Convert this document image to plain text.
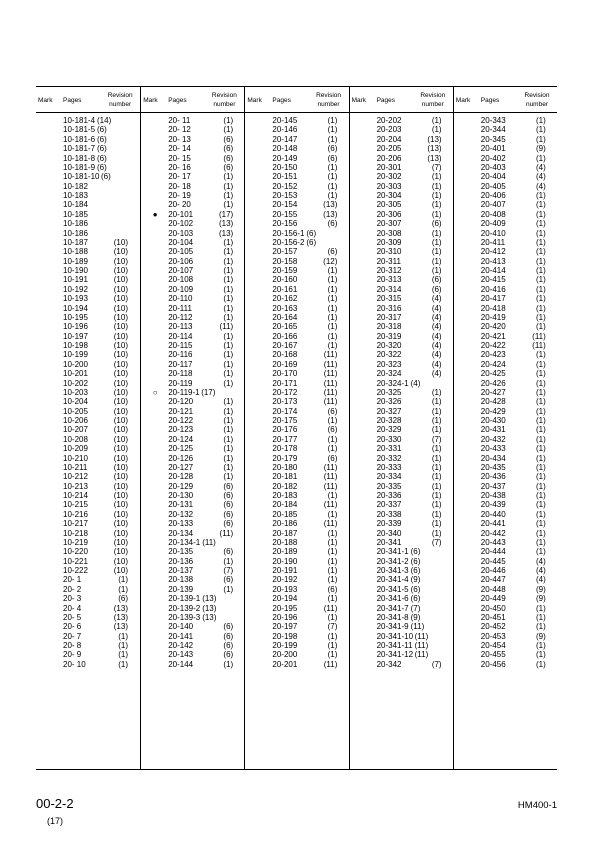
Mark Pages
Revision
number
10-181-4 (14)
10-181-5 (6)
10-181-6 (6)
10-181-7 (6)
10-181-8 (6)
10-181-9 (6)
10-181-10 (6)
10-182
10-183
10-184
10-185
10-186
10-186
10-187	(10)
10-188	(10)
10-189	(10)
10-190	(10)
10-191	(10)
10-192	(10)
10-193	(10)
10-194	(10)
10-195	(10)
10-196	(10)
10-197	(10)
10-198	(10)
10-199	(10)
10-200	(10)
10-201	(10)
10-202	(10)
10-203	(10)
10-204	(10)
10-205	(10)
10-206	(10)
10-207	(10)
10-208	(10)
10-209	(10)
10-210	(10)
10-211	(10)
10-212	(10)
10-213	(10)
10-214	(10)
10-215	(10)
10-216	(10)
10-217	(10)
10-218	(10)
10-219	(10)
10-220	(10)
10-221	(10)
10-222	(10)
20- 1	(1)
20- 2	(1)
20- 3	(6)
20- 4	(13)
20- 5	(13)
20- 6	(13)
20- 7	(1)
20- 8	(1)
20- 9	(1)
20- 10	(1)
Mark Pages
Revision
number
20- 11	(1)
20- 12	(1)
20- 13	(6)
20- 14	(6)
20- 15	(6)
20- 16	(6)
20- 17	(1)
20- 18	(1)
20- 19	(1)
20- 20	(1)
●	20-101	(17)
20-102	(13)
20-103	(13)
20-104	(1)
20-105	(1)
20-106	(1)
20-107	(1)
20-108	(1)
20-109	(1)
20-110	(1)
20-111	(1)
20-112	(1)
20-113	(11)
20-114	(1)
20-115	(1)
20-116	(1)
20-117	(1)
20-118	(1)
20-119	(1)
○	20-119-1 (17)
20-120	(1)
20-121	(1)
20-122	(1)
20-123	(1)
20-124	(1)
20-125	(1)
20-126	(1)
20-127	(1)
20-128	(1)
20-129	(6)
20-130	(6)
20-131	(6)
20-132	(6)
20-133	(6)
20-134	(11)
20-134-1 (11)
20-135	(6)
20-136	(1)
20-137	(7)
20-138	(6)
20-139	(1)
20-139-1 (13)
20-139-2 (13)
20-139-3 (13)
20-140	(6)
20-141	(6)
20-142	(6)
20-143	(6)
20-144	(1)
Mark Pages
Revision
number
20-145	(1)
20-146	(1)
20-147	(1)
20-148	(6)
20-149	(6)
20-150	(1)
20-151	(1)
20-152	(1)
20-153	(1)
20-154	(13)
20-155	(13)
20-156	(6)
20-156-1 (6)
20-156-2 (6)
20-157	(6)
20-158	(12)
20-159	(1)
20-160	(1)
20-161	(1)
20-162	(1)
20-163	(1)
20-164	(1)
20-165	(1)
20-166	(1)
20-167	(1)
20-168	(11)
20-169	(11)
20-170	(11)
20-171	(11)
20-172	(11)
20-173	(11)
20-174	(6)
20-175	(1)
20-176	(6)
20-177	(1)
20-178	(1)
20-179	(6)
20-180	(11)
20-181	(11)
20-182	(11)
20-183	(1)
20-184	(11)
20-185	(1)
20-186	(11)
20-187	(1)
20-188	(1)
20-189	(1)
20-190	(1)
20-191	(1)
20-192	(1)
20-193	(6)
20-194	(1)
20-195	(11)
20-196	(1)
20-197	(7)
20-198	(1)
20-199	(1)
20-200	(1)
20-201	(11)
Mark Pages
Revision
number
20-202	(1)
20-203	(1)
20-204	(13)
20-205	(13)
20-206	(13)
20-301	(7)
20-302	(1)
20-303	(1)
20-304	(1)
20-305	(1)
20-306	(1)
20-307	(6)
20-308	(1)
20-309	(1)
20-310	(1)
20-311	(1)
20-312	(1)
20-313	(6)
20-314	(6)
20-315	(4)
20-316	(4)
20-317	(4)
20-318	(4)
20-319	(4)
20-320	(4)
20-322	(4)
20-323	(4)
20-324	(4)
20-324-1 (4)
20-325	(1)
20-326	(1)
20-327	(1)
20-328	(1)
20-329	(1)
20-330	(7)
20-331	(1)
20-332	(1)
20-333	(1)
20-334	(1)
20-335	(1)
20-336	(1)
20-337	(1)
20-338	(1)
20-339	(1)
20-340	(1)
20-341	(7)
20-341-1 (6)
20-341-2 (6)
20-341-3 (6)
20-341-4 (9)
20-341-5 (6)
20-341-6 (6)
20-341-7 (7)
20-341-8 (9)
20-341-9 (11)
20-341-10 (11)
20-341-11 (11)
20-341-12 (11)
20-342	(7)
Mark Pages
Revision
number
20-343	(1)
20-344	(1)
20-345	(1)
20-401	(9)
20-402	(1)
20-403	(4)
20-404	(4)
20-405	(4)
20-406	(1)
20-407	(1)
20-408	(1)
20-409	(1)
20-410	(1)
20-411	(1)
20-412	(1)
20-413	(1)
20-414	(1)
20-415	(1)
20-416	(1)
20-417	(1)
20-418	(1)
20-419	(1)
20-420	(1)
20-421	(11)
20-422	(11)
20-423	(1)
20-424	(1)
20-425	(1)
20-426	(1)
20-427	(1)
20-428	(1)
20-429	(1)
20-430	(1)
20-431	(1)
20-432	(1)
20-433	(1)
20-434	(1)
20-435	(1)
20-436	(1)
20-437	(1)
20-438	(1)
20-439	(1)
20-440	(1)
20-441	(1)
20-442	(1)
20-443	(1)
20-444	(1)
20-445	(4)
20-446	(4)
20-447	(4)
20-448	(9)
20-449	(9)
20-450	(1)
20-451	(1)
20-452	(1)
20-453	(9)
20-454	(1)
20-455	(1)
20-456	(1)
00-2-2
(17)
HM400-1
